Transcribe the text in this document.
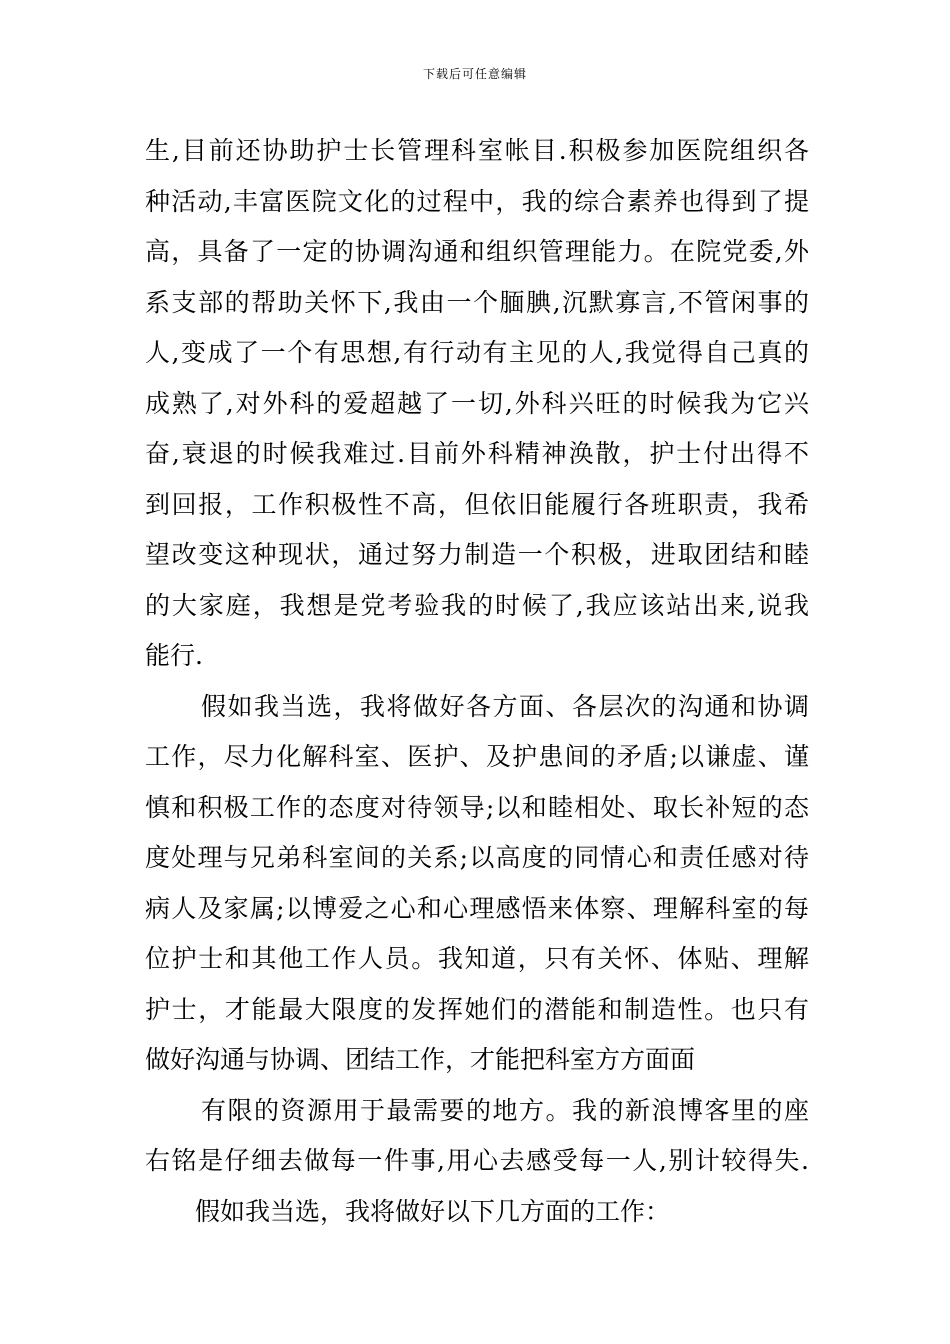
下载后可任意编辑
生,目前还协助护士长管理科室帐目.积极参加医院组织各
种活动,丰富医院文化的过程中，我的综合素养也得到了提
高，具备了一定的协调沟通和组织管理能力。在院党委,外
系支部的帮助关怀下,我由一个腼腆,沉默寡言,不管闲事的
人,变成了一个有思想,有行动有主见的人,我觉得自己真的
成熟了,对外科的爱超越了一切,外科兴旺的时候我为它兴
奋,衰退的时候我难过.目前外科精神涣散，护士付出得不
到回报，工作积极性不高，但依旧能履行各班职责，我希
望改变这种现状，通过努力制造一个积极，进取团结和睦
的大家庭，我想是党考验我的时候了,我应该站出来,说我
能行.
假如我当选，我将做好各方面、各层次的沟通和协调
工作，尽力化解科室、医护、及护患间的矛盾;以谦虚、谨
慎和积极工作的态度对待领导;以和睦相处、取长补短的态
度处理与兄弟科室间的关系;以高度的同情心和责任感对待
病人及家属;以博爱之心和心理感悟来体察、理解科室的每
位护士和其他工作人员。我知道，只有关怀、体贴、理解
护士，才能最大限度的发挥她们的潜能和制造性。也只有
做好沟通与协调、团结工作，才能把科室方方面面
有限的资源用于最需要的地方。我的新浪博客里的座
右铭是仔细去做每一件事,用心去感受每一人,别计较得失.
假如我当选，我将做好以下几方面的工作：
